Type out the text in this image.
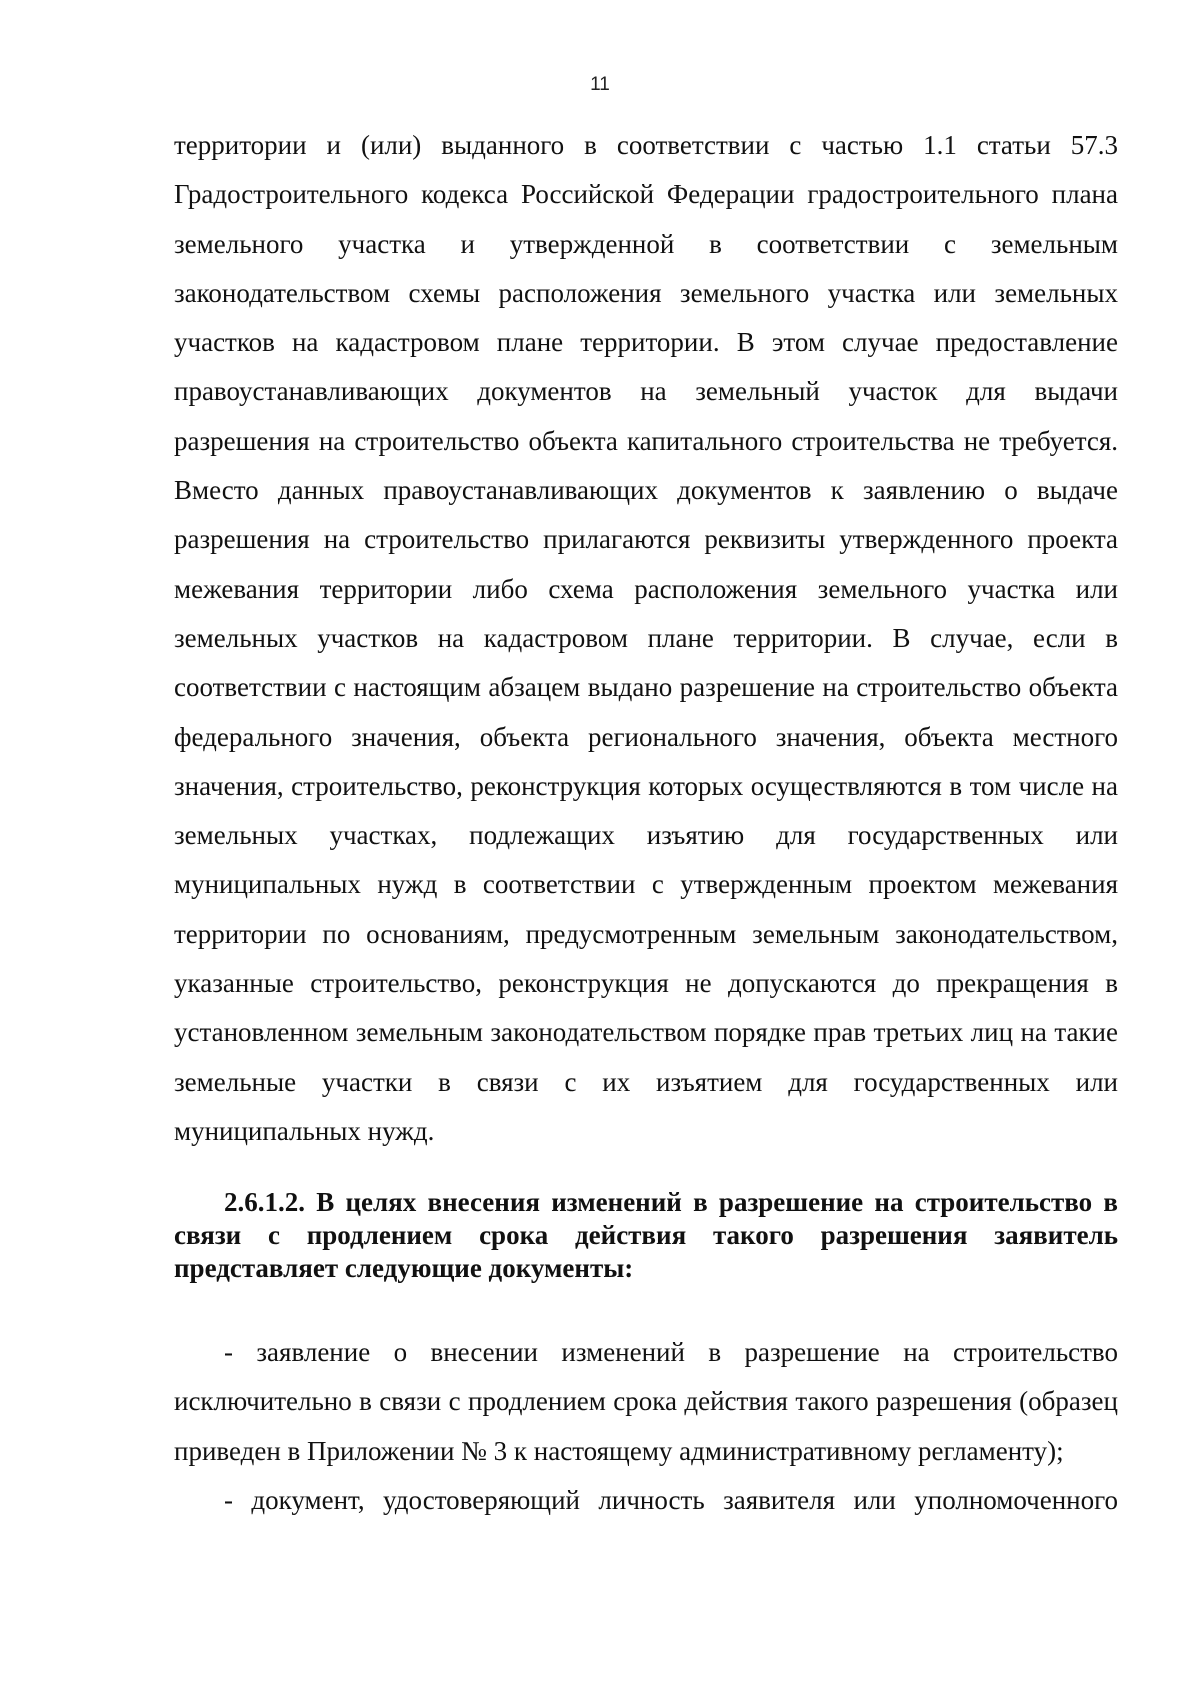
11

территории и (или) выданного в соответствии с частью 1.1 статьи 57.3 Градостроительного кодекса Российской Федерации градостроительного плана земельного участка и утвержденной в соответствии с земельным законодательством схемы расположения земельного участка или земельных участков на кадастровом плане территории. В этом случае предоставление правоустанавливающих документов на земельный участок для выдачи разрешения на строительство объекта капитального строительства не требуется. Вместо данных правоустанавливающих документов к заявлению о выдаче разрешения на строительство прилагаются реквизиты утвержденного проекта межевания территории либо схема расположения земельного участка или земельных участков на кадастровом плане территории. В случае, если в соответствии с настоящим абзацем выдано разрешение на строительство объекта федерального значения, объекта регионального значения, объекта местного значения, строительство, реконструкция которых осуществляются в том числе на земельных участках, подлежащих изъятию для государственных или муниципальных нужд в соответствии с утвержденным проектом межевания территории по основаниям, предусмотренным земельным законодательством, указанные строительство, реконструкция не допускаются до прекращения в установленном земельным законодательством порядке прав третьих лиц на такие земельные участки в связи с их изъятием для государственных или муниципальных нужд.

2.6.1.2. В целях внесения изменений в разрешение на строительство в связи с продлением срока действия такого разрешения заявитель представляет следующие документы:

- заявление о внесении изменений в разрешение на строительство исключительно в связи с продлением срока действия такого разрешения (образец приведен в Приложении № 3 к настоящему административному регламенту);
- документ, удостоверяющий личность заявителя или уполномоченного
